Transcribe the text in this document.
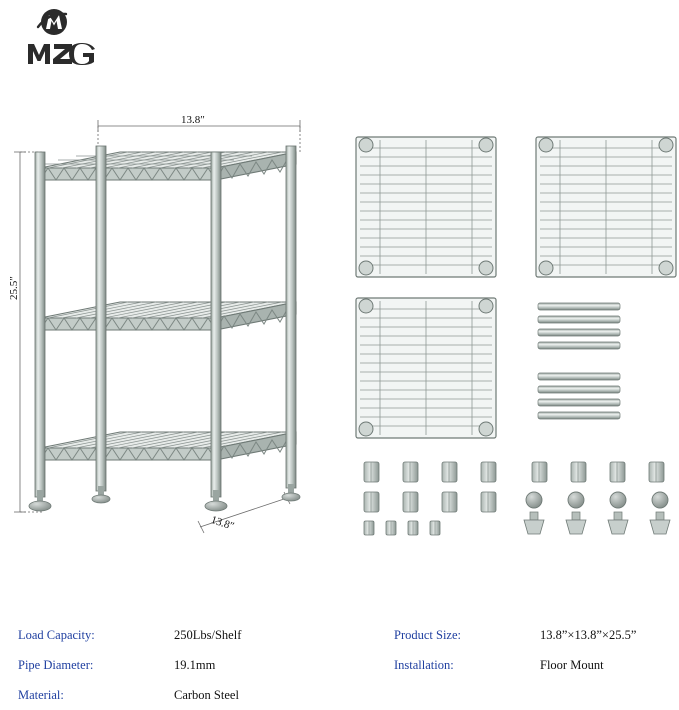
13.8″
13.8″
25.5″
Load Capacity:	250Lbs/Shelf
Pipe Diameter:	19.1mm
Material:	Carbon Steel
Product Size:	13.8”×13.8”×25.5”
Installation:	Floor Mount
